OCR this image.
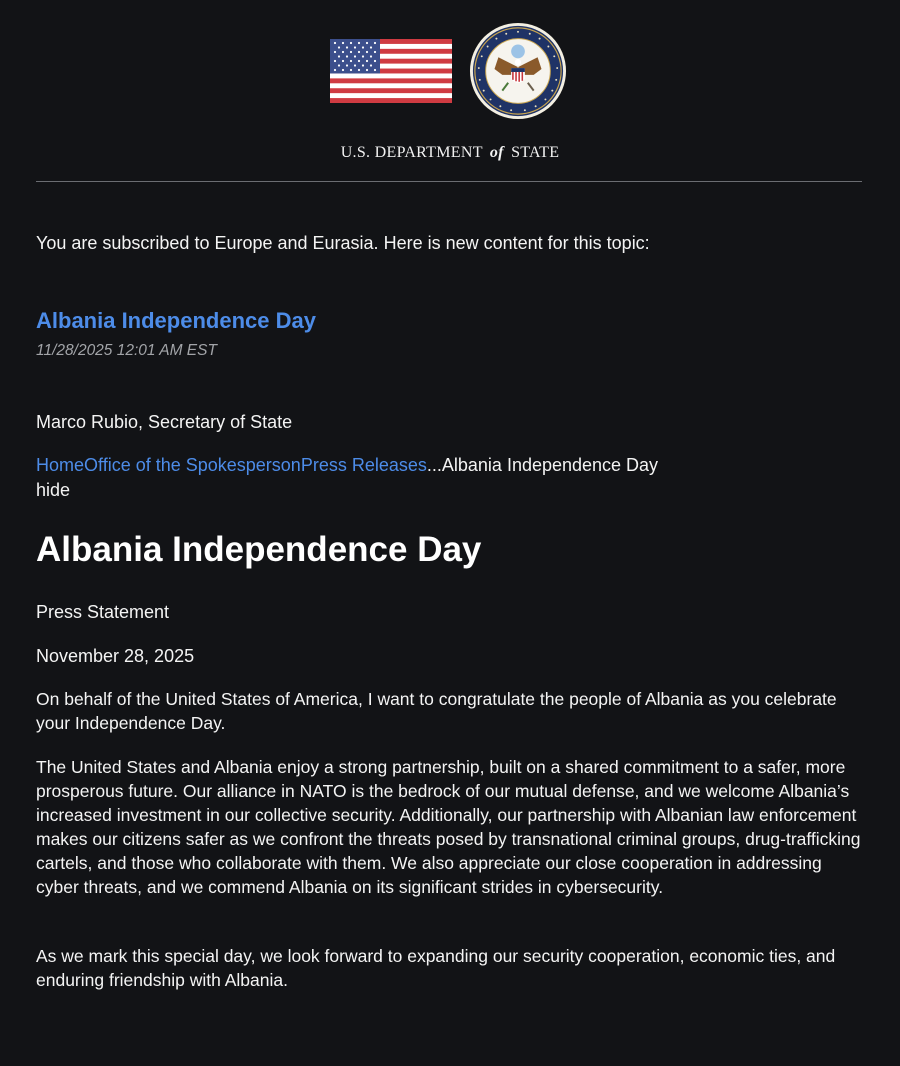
U.S. DEPARTMENT of STATE
You are subscribed to Europe and Eurasia. Here is new content for this topic:
Albania Independence Day
11/28/2025 12:01 AM EST
Marco Rubio, Secretary of State
HomeOffice of the SpokespersonPress Releases...Albania Independence Day
hide
Albania Independence Day
Press Statement
November 28, 2025

On behalf of the United States of America, I want to congratulate the people of Albania as you celebrate your Independence Day.

The United States and Albania enjoy a strong partnership, built on a shared commitment to a safer, more prosperous future. Our alliance in NATO is the bedrock of our mutual defense, and we welcome Albania’s increased investment in our collective security. Additionally, our partnership with Albanian law enforcement makes our citizens safer as we confront the threats posed by transnational criminal groups, drug-trafficking cartels, and those who collaborate with them. We also appreciate our close cooperation in addressing cyber threats, and we commend Albania on its significant strides in cybersecurity.

As we mark this special day, we look forward to expanding our security cooperation, economic ties, and enduring friendship with Albania.
